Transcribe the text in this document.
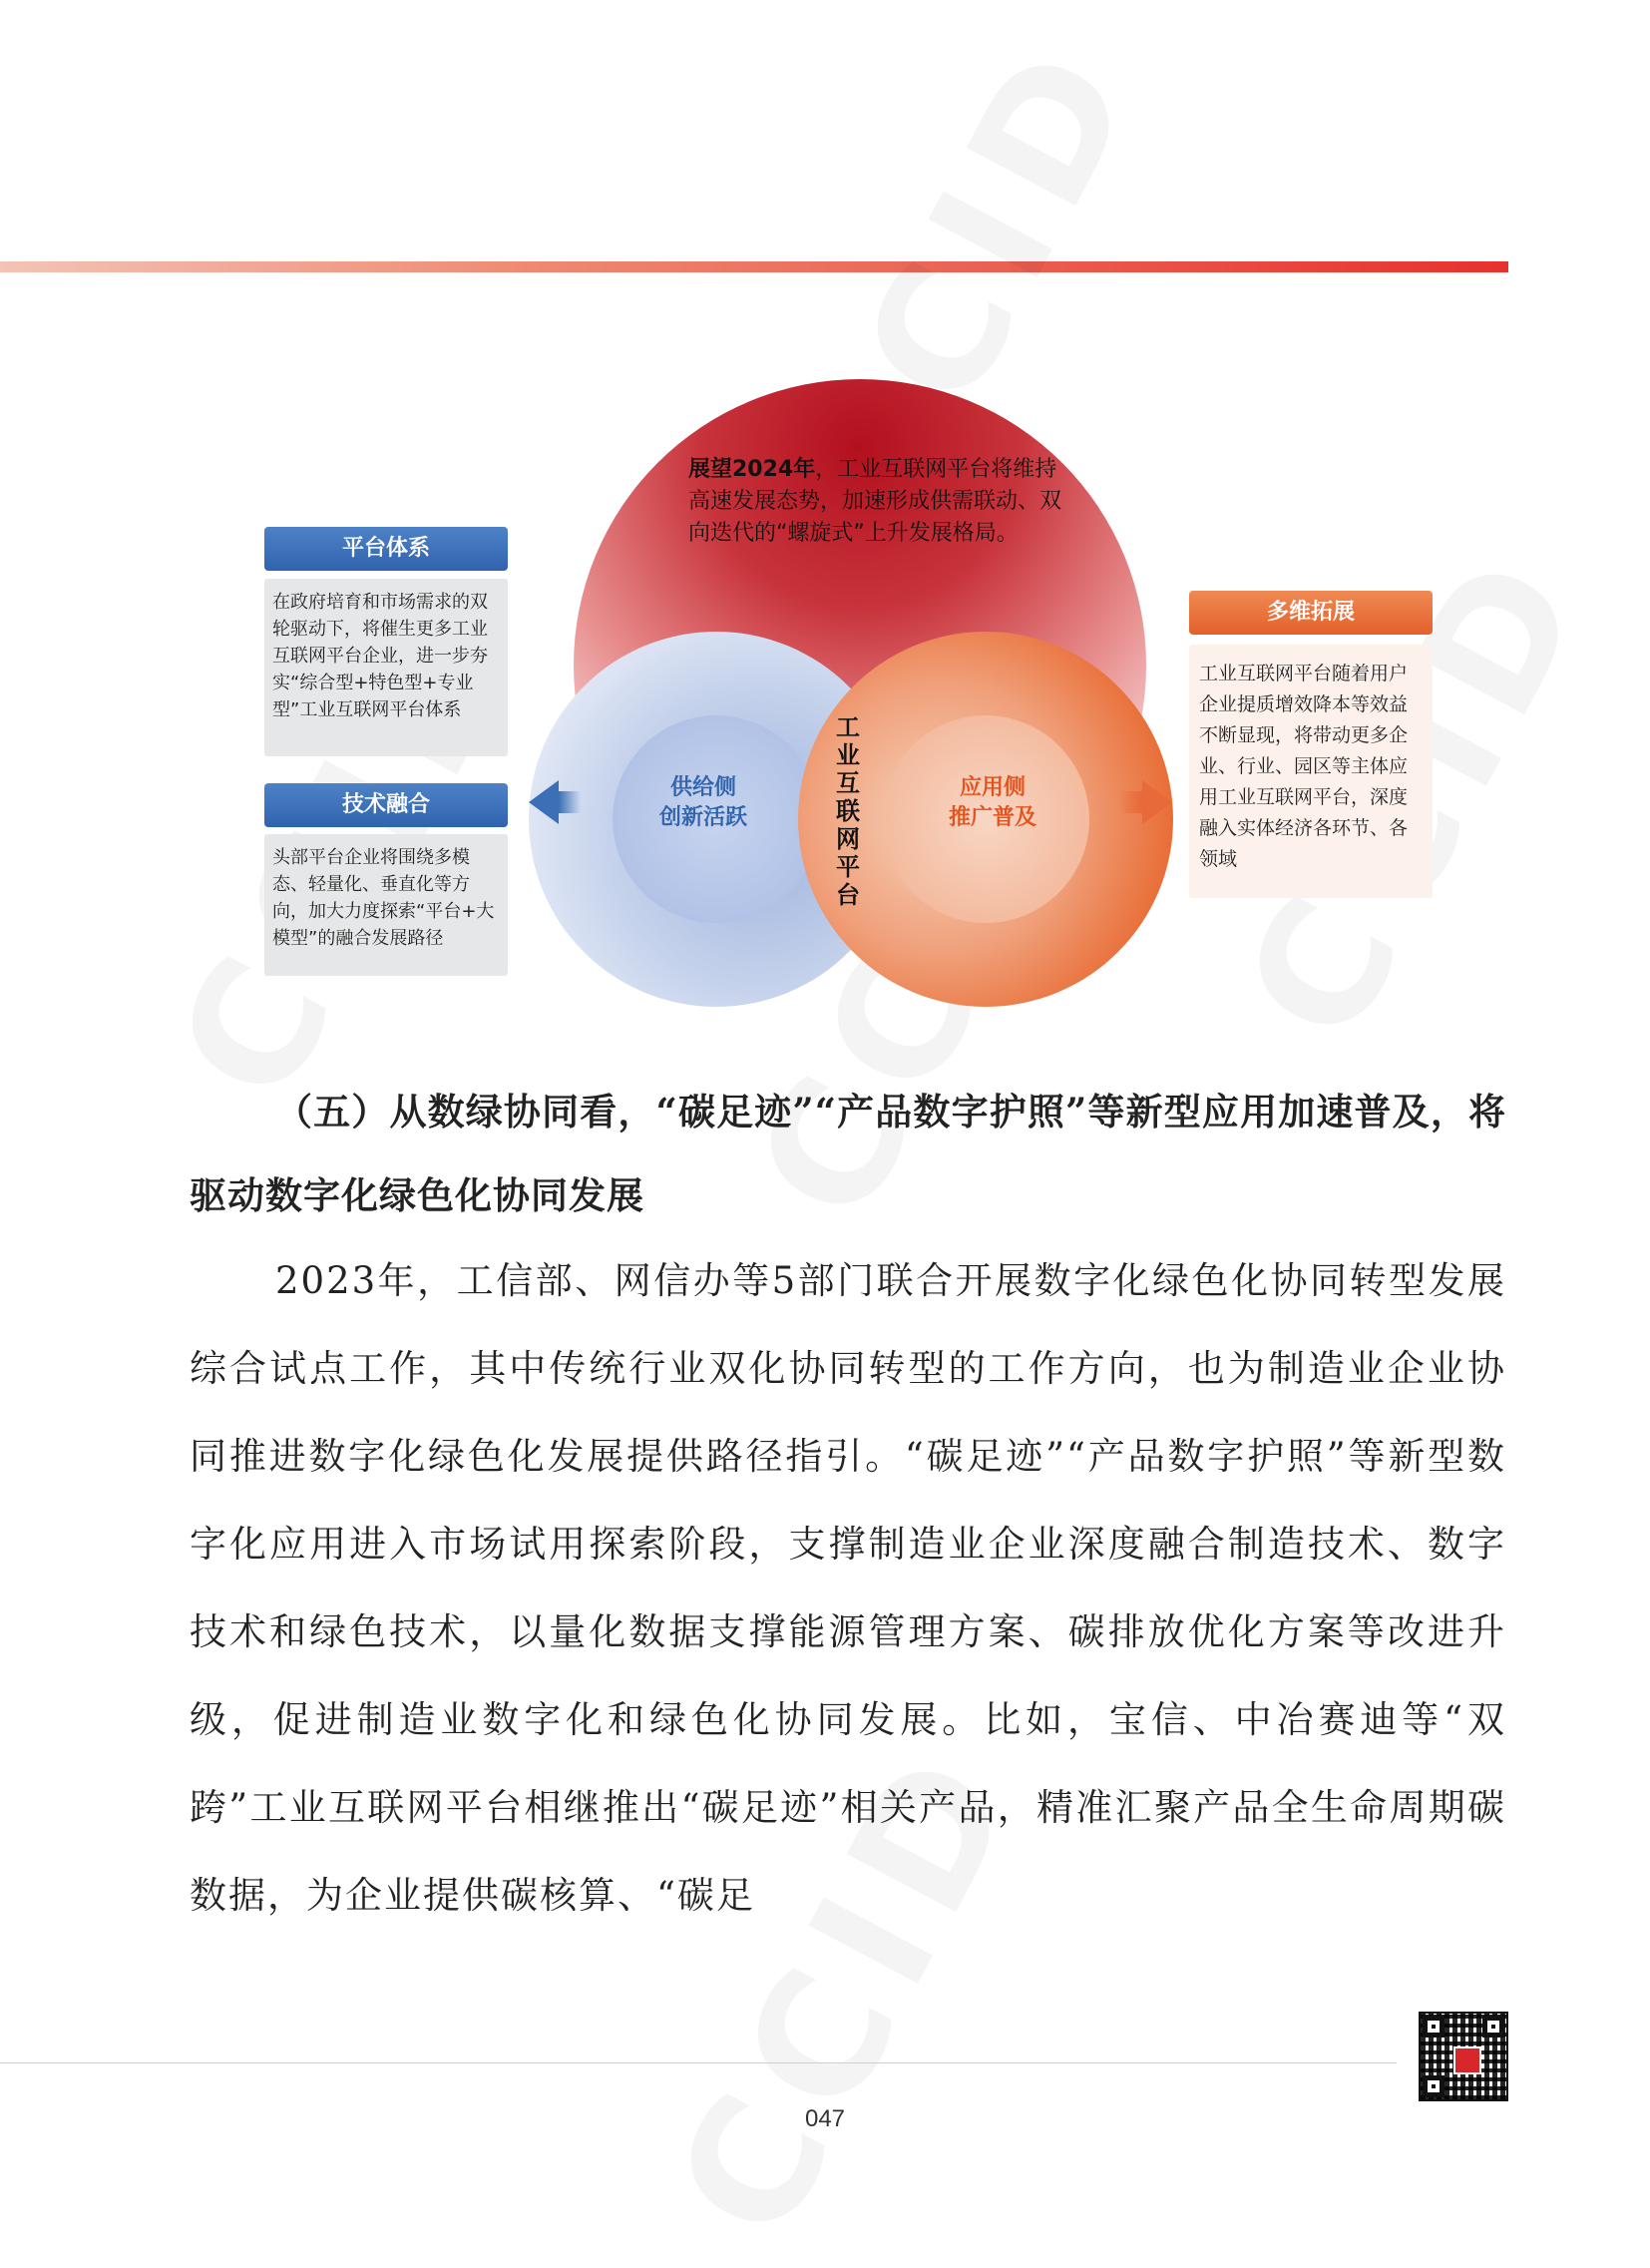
展望2024年，工业互联网平台将维持高速发展态势，加速形成供需联动、双向迭代的“螺旋式”上升发展格局。
供给侧
创新活跃
应用侧
推广普及
工
业
互
联
网
平
台
平台体系
在政府培育和市场需求的双轮驱动下，将催生更多工业互联网平台企业，进一步夯实“综合型+特色型+专业型”工业互联网平台体系
技术融合
头部平台企业将围绕多模态、轻量化、垂直化等方向，加大力度探索“平台+大模型”的融合发展路径
多维拓展
工业互联网平台随着用户企业提质增效降本等效益不断显现，将带动更多企业、行业、园区等主体应用工业互联网平台，深度融入实体经济各环节、各领域
（五）从数绿协同看，“碳足迹”“产品数字护照”等新型应用加速普及，将驱动数字化绿色化协同发展
2023年，工信部、网信办等5部门联合开展数字化绿色化协同转型发展综合试点工作，其中传统行业双化协同转型的工作方向，也为制造业企业协同推进数字化绿色化发展提供路径指引。“碳足迹”“产品数字护照”等新型数字化应用进入市场试用探索阶段，支撑制造业企业深度融合制造技术、数字技术和绿色技术，以量化数据支撑能源管理方案、碳排放优化方案等改进升级，促进制造业数字化和绿色化协同发展。比如，宝信、中冶赛迪等“双跨”工业互联网平台相继推出“碳足迹”相关产品，精准汇聚产品全生命周期碳数据，为企业提供碳核算、“碳足
047
